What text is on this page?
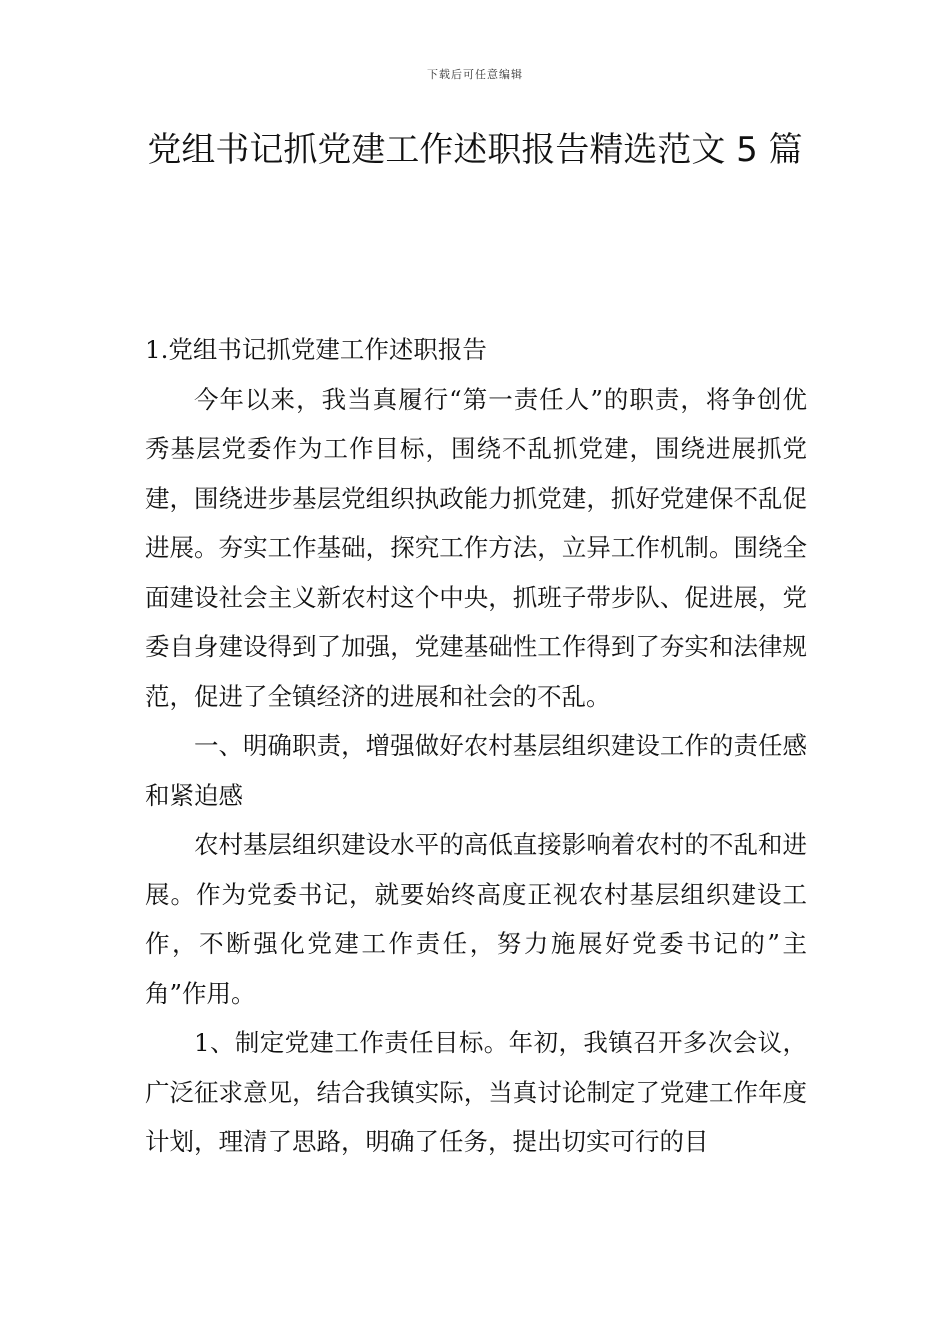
下载后可任意编辑
党组书记抓党建工作述职报告精选范文 5 篇

1.党组书记抓党建工作述职报告

今年以来，我当真履行“第一责任人”的职责，将争创优秀基层党委作为工作目标，围绕不乱抓党建，围绕进展抓党建，围绕进步基层党组织执政能力抓党建，抓好党建保不乱促进展。夯实工作基础，探究工作方法，立异工作机制。围绕全面建设社会主义新农村这个中央，抓班子带步队、促进展，党委自身建设得到了加强，党建基础性工作得到了夯实和法律规范，促进了全镇经济的进展和社会的不乱。

一、明确职责，增强做好农村基层组织建设工作的责任感和紧迫感

农村基层组织建设水平的高低直接影响着农村的不乱和进展。作为党委书记，就要始终高度正视农村基层组织建设工作，不断强化党建工作责任，努力施展好党委书记的”主角”作用。

1、制定党建工作责任目标。年初，我镇召开多次会议，广泛征求意见，结合我镇实际，当真讨论制定了党建工作年度计划，理清了思路，明确了任务，提出切实可行的目
